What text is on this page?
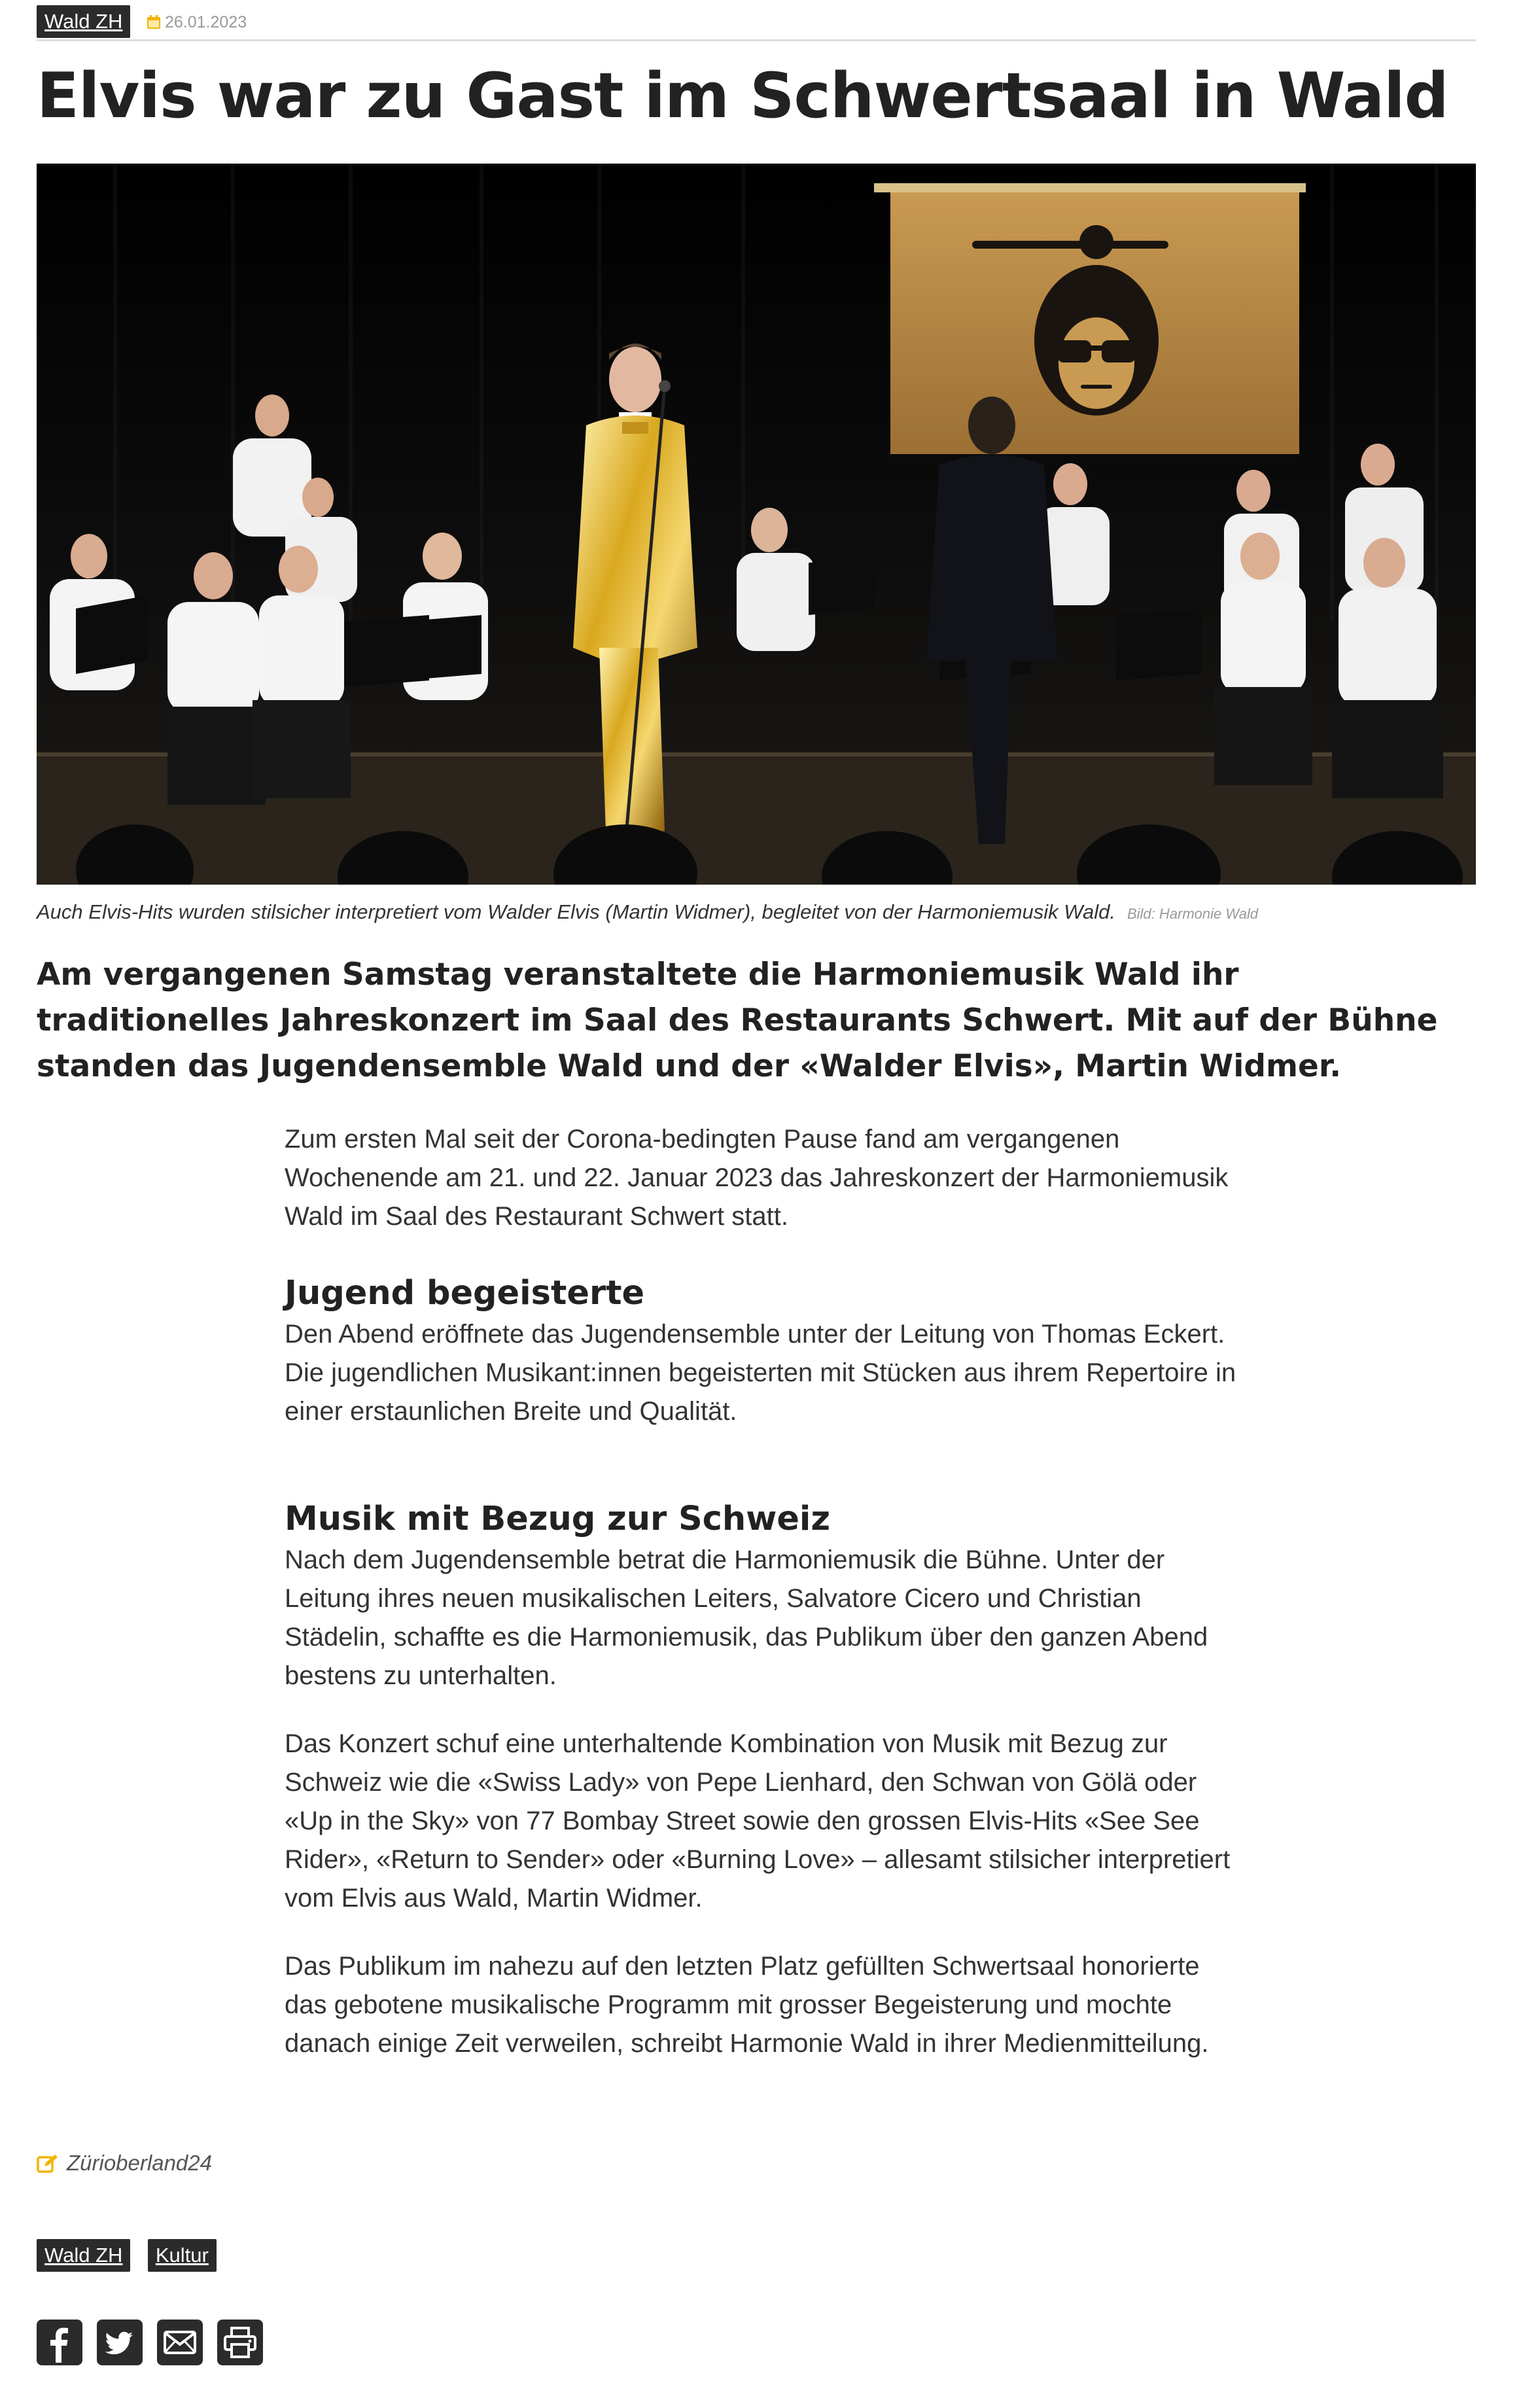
Wald ZH	26.01.2023
Elvis war zu Gast im Schwertsaal in Wald
Auch Elvis-Hits wurden stilsicher interpretiert vom Walder Elvis (Martin Widmer), begleitet von der Harmoniemusik Wald. Bild: Harmonie Wald

Am vergangenen Samstag veranstaltete die Harmoniemusik Wald ihr traditionelles Jahreskonzert im Saal des Restaurants Schwert. Mit auf der Bühne standen das Jugendensemble Wald und der «Walder Elvis», Martin Widmer.

Zum ersten Mal seit der Corona-bedingten Pause fand am vergangenen Wochenende am 21. und 22. Januar 2023 das Jahreskonzert der Harmoniemusik Wald im Saal des Restaurant Schwert statt.

Jugend begeisterte

Den Abend eröffnete das Jugendensemble unter der Leitung von Thomas Eckert. Die jugendlichen Musikant:innen begeisterten mit Stücken aus ihrem Repertoire in einer erstaunlichen Breite und Qualität.

Musik mit Bezug zur Schweiz

Nach dem Jugendensemble betrat die Harmoniemusik die Bühne. Unter der Leitung ihres neuen musikalischen Leiters, Salvatore Cicero und Christian Städelin, schaffte es die Harmoniemusik, das Publikum über den ganzen Abend bestens zu unterhalten.

Das Konzert schuf eine unterhaltende Kombination von Musik mit Bezug zur Schweiz wie die «Swiss Lady» von Pepe Lienhard, den Schwan von Gölä oder «Up in the Sky» von 77 Bombay Street sowie den grossen Elvis-Hits «See See Rider», «Return to Sender» oder «Burning Love» – allesamt stilsicher interpretiert vom Elvis aus Wald, Martin Widmer.

Das Publikum im nahezu auf den letzten Platz gefüllten Schwertsaal honorierte das gebotene musikalische Programm mit grosser Begeisterung und mochte danach einige Zeit verweilen, schreibt Harmonie Wald in ihrer Medienmitteilung.

Zürioberland24
Wald ZH Kultur
